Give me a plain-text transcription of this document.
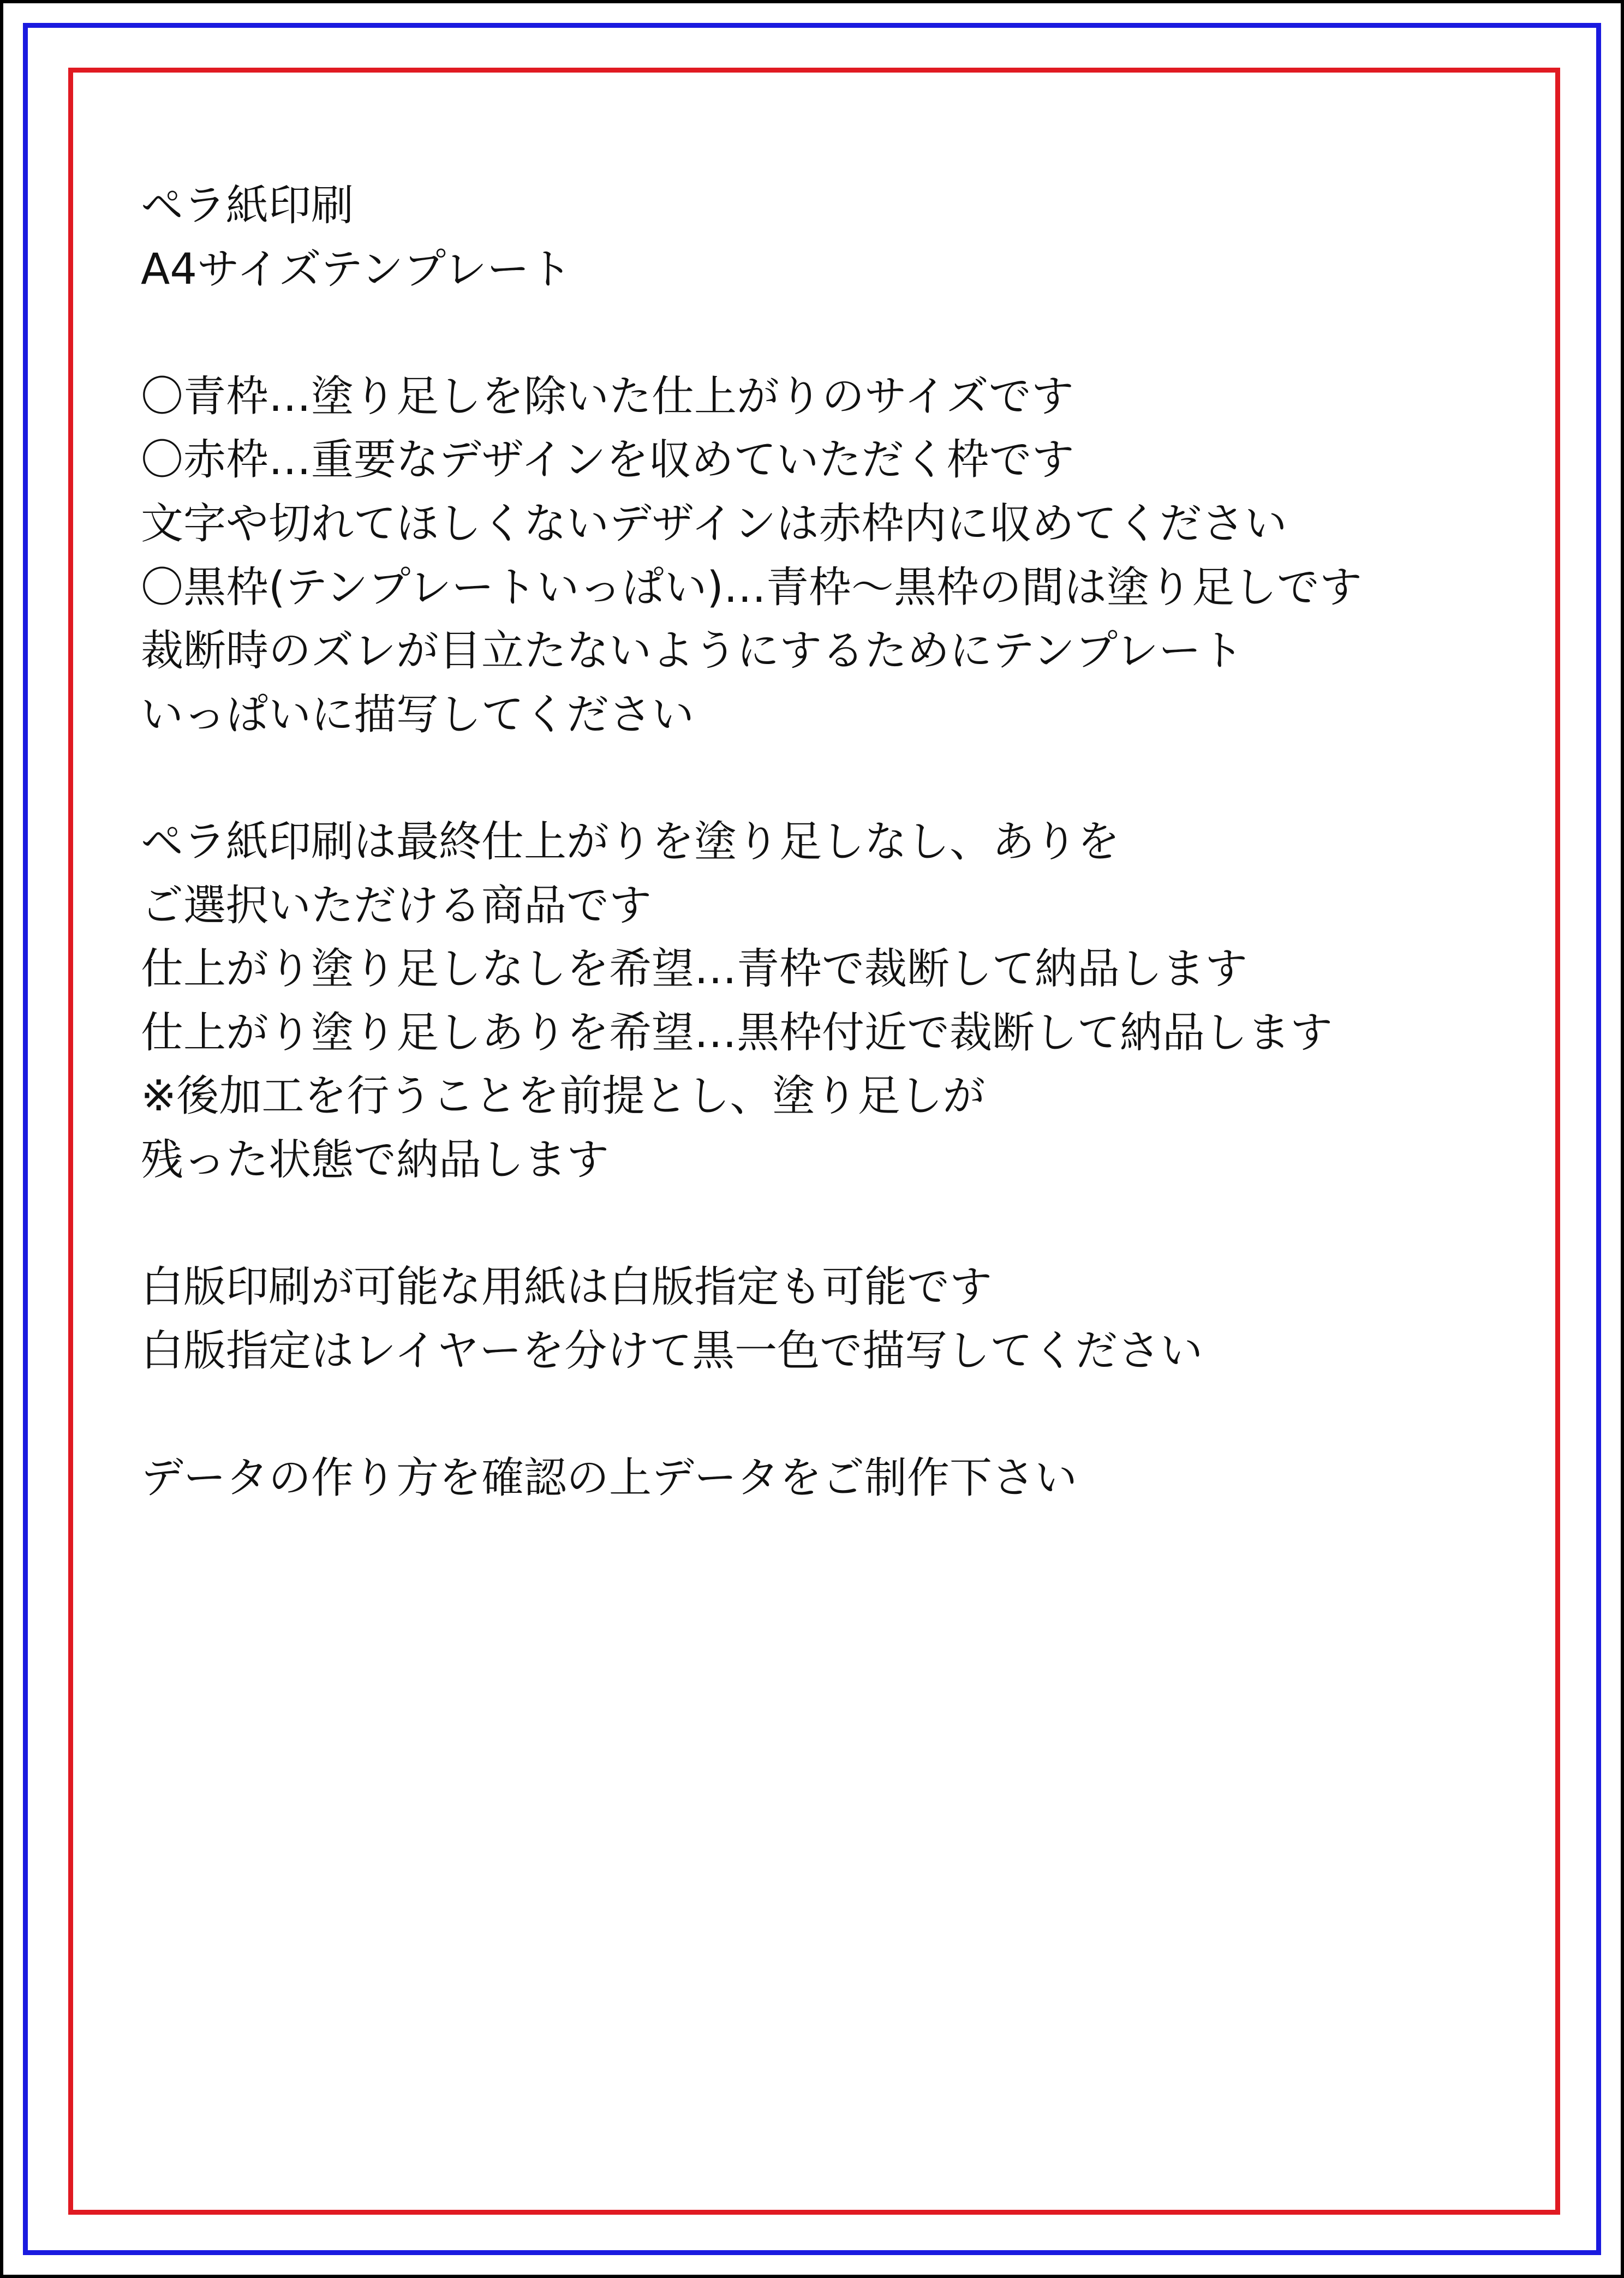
ペラ紙印刷
A4サイズテンプレート
〇青枠…塗り足しを除いた仕上がりのサイズです
〇赤枠…重要なデザインを収めていただく枠です
文字や切れてほしくないデザインは赤枠内に収めてください
〇黒枠(テンプレートいっぱい)…青枠～黒枠の間は塗り足しです
裁断時のズレが目立たないようにするためにテンプレート
いっぱいに描写してください
ペラ紙印刷は最終仕上がりを塗り足しなし、ありを
ご選択いただける商品です
仕上がり塗り足しなしを希望…青枠で裁断して納品します
仕上がり塗り足しありを希望…黒枠付近で裁断して納品します
※後加工を行うことを前提とし、塗り足しが
残った状態で納品します
白版印刷が可能な用紙は白版指定も可能です
白版指定はレイヤーを分けて黒一色で描写してください
データの作り方を確認の上データをご制作下さい
